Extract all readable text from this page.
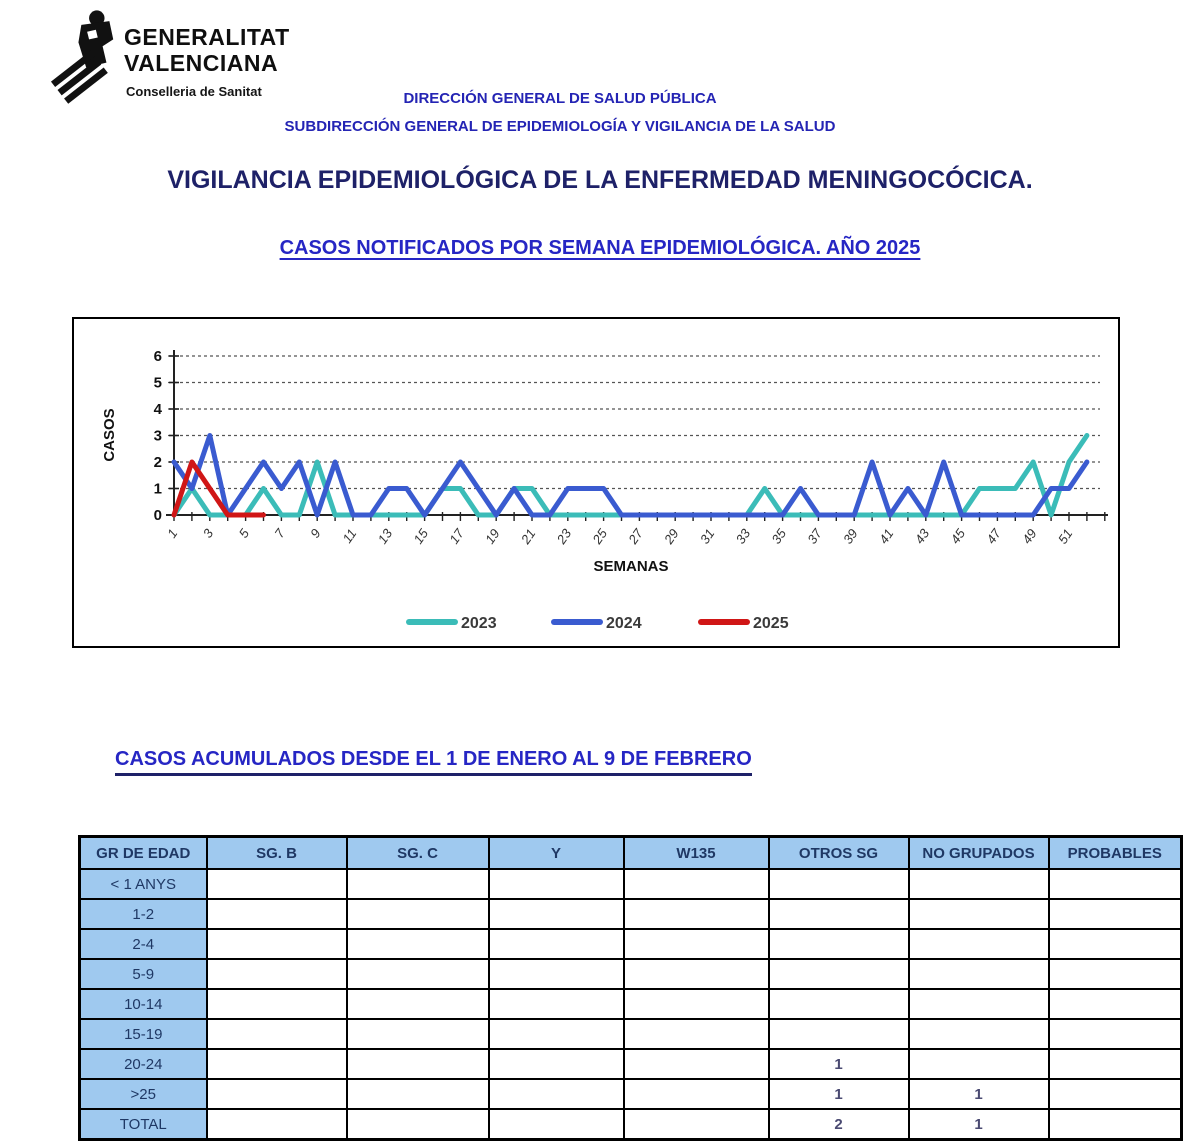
GENERALITAT
VALENCIANA
Conselleria de Sanitat	DIRECCIÓN GENERAL DE SALUD PÚBLICA
SUBDIRECCIÓN GENERAL DE EPIDEMIOLOGÍA Y VIGILANCIA DE LA SALUD
VIGILANCIA EPIDEMIOLÓGICA DE LA ENFERMEDAD MENINGOCÓCICA.
CASOS NOTIFICADOS POR SEMANA EPIDEMIOLÓGICA. AÑO 2025
6
5
4
3
2
1
0
1 3 5 7 9 11 13 15 17 19 21 23 25 27 29 31 33 35 37 39 41 43 45 47 49 51
CASOS
SEMANAS
2023	2024	2025
CASOS ACUMULADOS DESDE EL 1 DE ENERO AL 9 DE FEBRERO
GR DE EDAD	SG. B	SG. C	Y	W135	OTROS SG	NO GRUPADOS	PROBABLES
< 1 ANYS							
1-2							
2-4							
5-9							
10-14							
15-19							
20-24					1		
>25					1	1	
TOTAL					2	1	
